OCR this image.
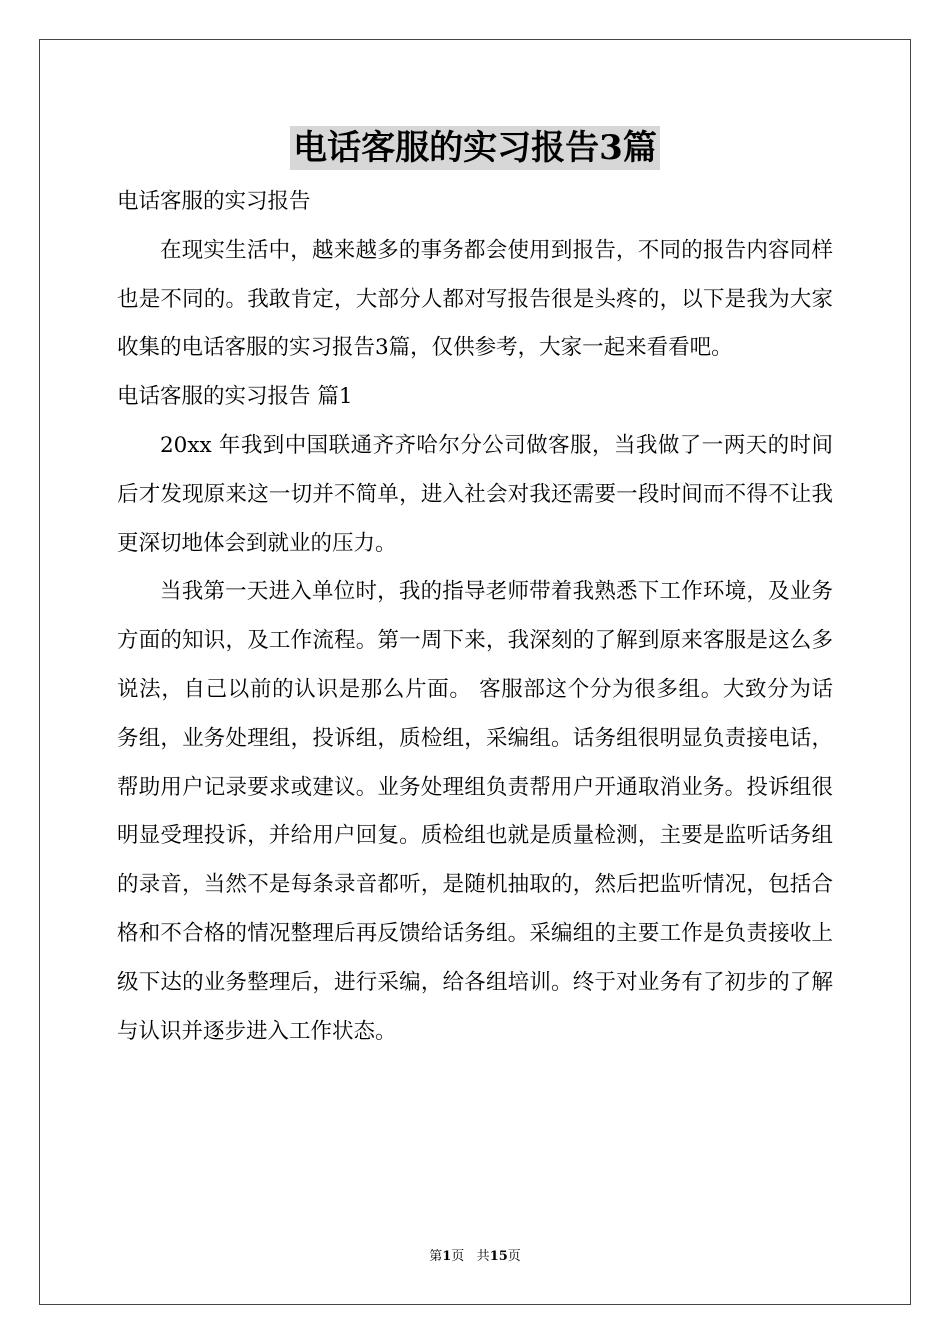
电话客服的实习报告3篇

电话客服的实习报告

在现实生活中，越来越多的事务都会使用到报告，不同的报告内容同样也是不同的。我敢肯定，大部分人都对写报告很是头疼的，以下是我为大家收集的电话客服的实习报告3篇，仅供参考，大家一起来看看吧。

电话客服的实习报告 篇1

20xx 年我到中国联通齐齐哈尔分公司做客服，当我做了一两天的时间后才发现原来这一切并不简单，进入社会对我还需要一段时间而不得不让我更深切地体会到就业的压力。

当我第一天进入单位时，我的指导老师带着我熟悉下工作环境，及业务方面的知识，及工作流程。第一周下来，我深刻的了解到原来客服是这么多说法，自己以前的认识是那么片面。 客服部这个分为很多组。大致分为话务组，业务处理组，投诉组，质检组，采编组。话务组很明显负责接电话，帮助用户记录要求或建议。业务处理组负责帮用户开通取消业务。投诉组很明显受理投诉，并给用户回复。质检组也就是质量检测，主要是监听话务组的录音，当然不是每条录音都听，是随机抽取的，然后把监听情况，包括合格和不合格的情况整理后再反馈给话务组。采编组的主要工作是负责接收上级下达的业务整理后，进行采编，给各组培训。终于对业务有了初步的了解与认识并逐步进入工作状态。

第1页 共15页
